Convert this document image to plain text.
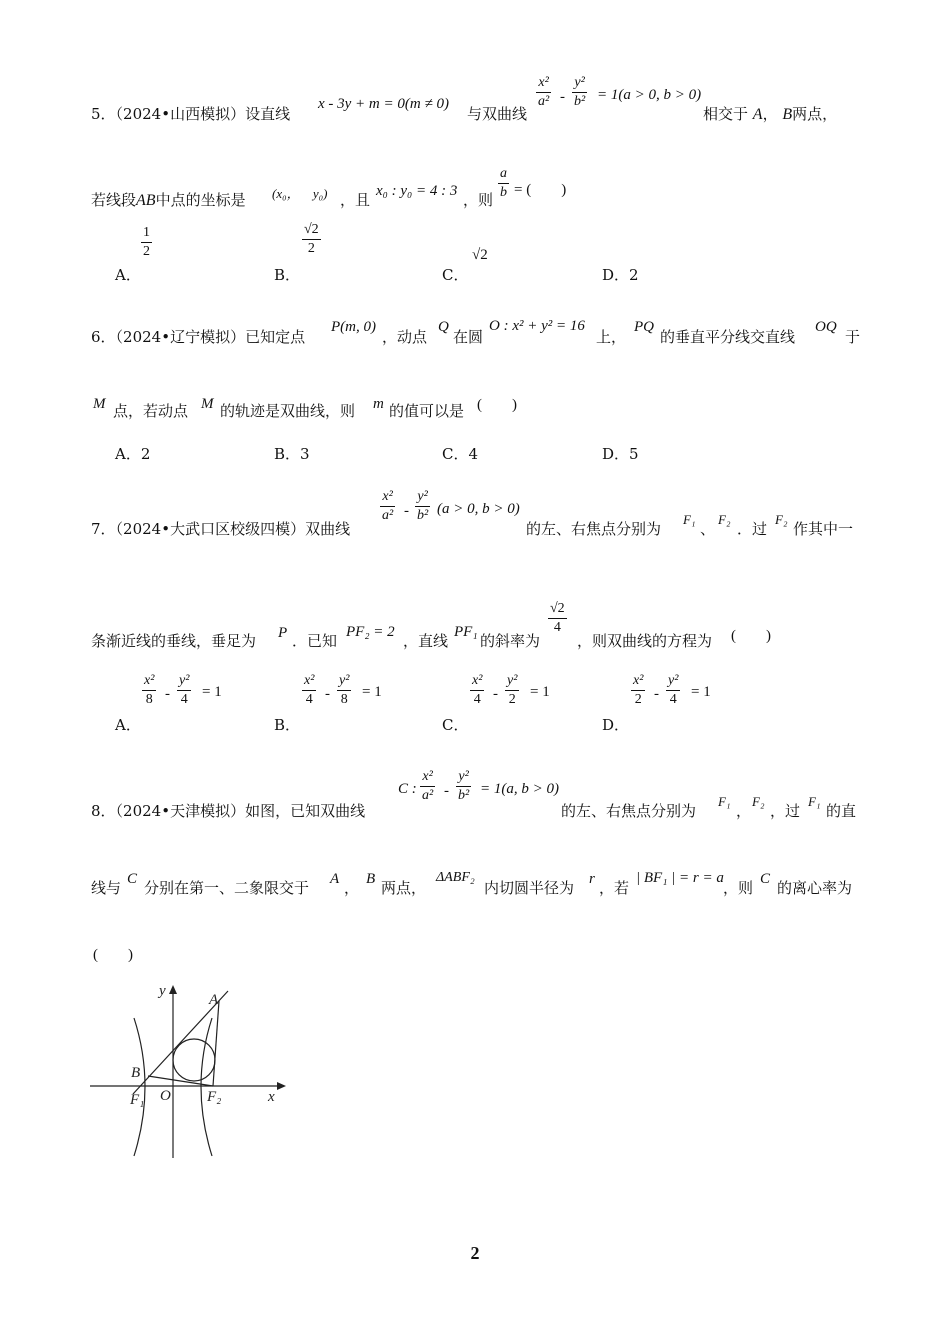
5．（2024•山西模拟）设直线
x - 3y + m = 0(m ≠ 0)
与双曲线
$\frac{\text{x²}}{\text{a²}} - \frac{\text{y²}}{\text{b²}} = 1(a > 0$, b > 0)
相交于 A， B两点，
若线段AB中点的坐标是 (x₀， y₀) ，且 x₀ : y₀ = 4 : 3 ，则 $\frac{a}{b}$ = (　　)
A．
$\frac{1}{2}$
B．
$\frac{√2}{2}$
C．
√2
D．2
6．（2024•辽宁模拟）已知定点
P(m, 0)
，动点
Q
在圆
O : x² + y² = 16
上，
PQ
的垂直平分线交直线
OQ
于
M 点，若动点 M 的轨迹是双曲线，则 m 的值可以是 (　　)
A．2	B．3	C．4	D．5
7．（2024•大武口区校级四模）双曲线
$\frac{\text{x²}}{\text{a²}} - \frac{\text{y²}}{\text{b²}} (a > 0$, b > 0)
的左、右焦点分别为
F₁
、
F₂
．过
F₂
作其中一
条渐近线的垂线，垂足为 P ．已知 PF₂ = 2 ，直线 PF₁ 的斜率为
$\frac{√2}{4}$
，则双曲线的方程为 (　　)
A．
$\frac{\text{x²}}{8} - \frac{\text{y²}}{4} = 1$
B．
$\frac{\text{x²}}{4} - \frac{\text{y²}}{8} = 1$
C．
$\frac{\text{x²}}{4} - \frac{\text{y²}}{2} = 1$
D．
$\frac{\text{x²}}{2} - \frac{\text{y²}}{4} = 1$
8．（2024•天津模拟）如图，已知双曲线
C : $\frac{\text{x²}}{\text{a²}} - \frac{\text{y²}}{\text{b²}} = 1(a$, b > 0)
的左、右焦点分别为
F₁
，
F₂
，过
F₁
的直
线与 C 分别在第一、二象限交于 A ， B 两点，
ΔABF₂
内切圆半径为 r ，若
| BF₁ | = r = a
，则 C 的离心率为
(　　)
y
x
A
B
O
F₁	F₂
2
